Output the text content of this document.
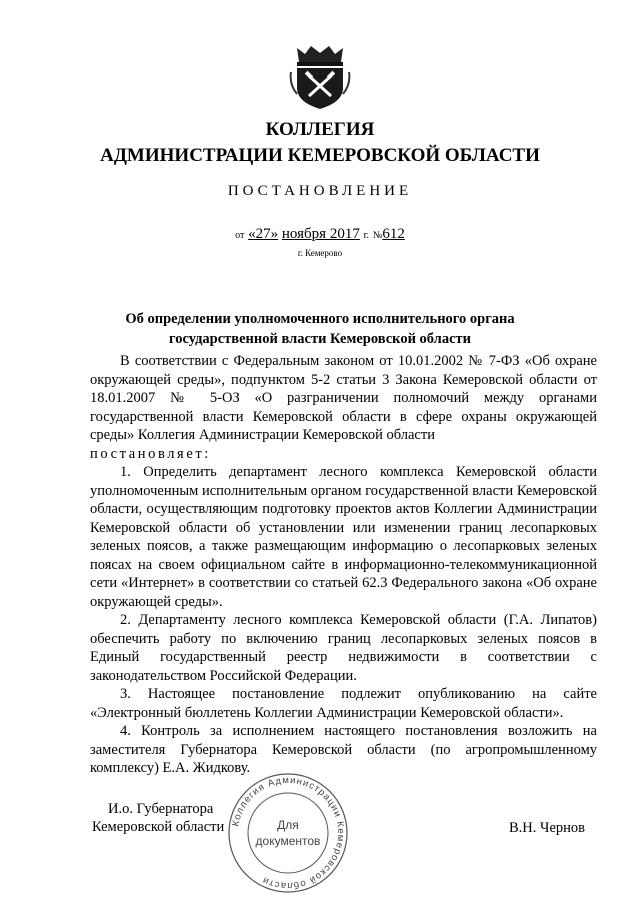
КОЛЛЕГИЯ
АДМИНИСТРАЦИИ КЕМЕРОВСКОЙ ОБЛАСТИ
ПОСТАНОВЛЕНИЕ
от «27» ноября 2017 г. №612
г. Кемерово
Об определении уполномоченного исполнительного органа
государственной власти Кемеровской области

В соответствии с Федеральным законом от 10.01.2002 № 7-ФЗ «Об охране окружающей среды», подпунктом 5-2 статьи 3 Закона Кемеровской области от 18.01.2007 № 5-ОЗ «О разграничении полномочий между органами государственной власти Кемеровской области в сфере охраны окружающей среды» Коллегия Администрации Кемеровской области

постановляет:

1. Определить департамент лесного комплекса Кемеровской области уполномоченным исполнительным органом государственной власти Кемеровской области, осуществляющим подготовку проектов актов Коллегии Администрации Кемеровской области об установлении или изменении границ лесопарковых зеленых поясов, а также размещающим информацию о лесопарковых зеленых поясах на своем официальном сайте в информационно-телекоммуникационной сети «Интернет» в соответствии со статьей 62.3 Федерального закона «Об охране окружающей среды».

2. Департаменту лесного комплекса Кемеровской области (Г.А. Липатов) обеспечить работу по включению границ лесопарковых зеленых поясов в Единый государственный реестр недвижимости в соответствии с законодательством Российской Федерации.

3. Настоящее постановление подлежит опубликованию на сайте «Электронный бюллетень Коллегии Администрации Кемеровской области».

4. Контроль за исполнением настоящего постановления возложить на заместителя Губернатора Кемеровской области (по агропромышленному комплексу) Е.А. Жидкову.

И.о. Губернатора
Кемеровской области	В.Н. Чернов
Коллегия Администрации Кемеровской области
Для
документов
